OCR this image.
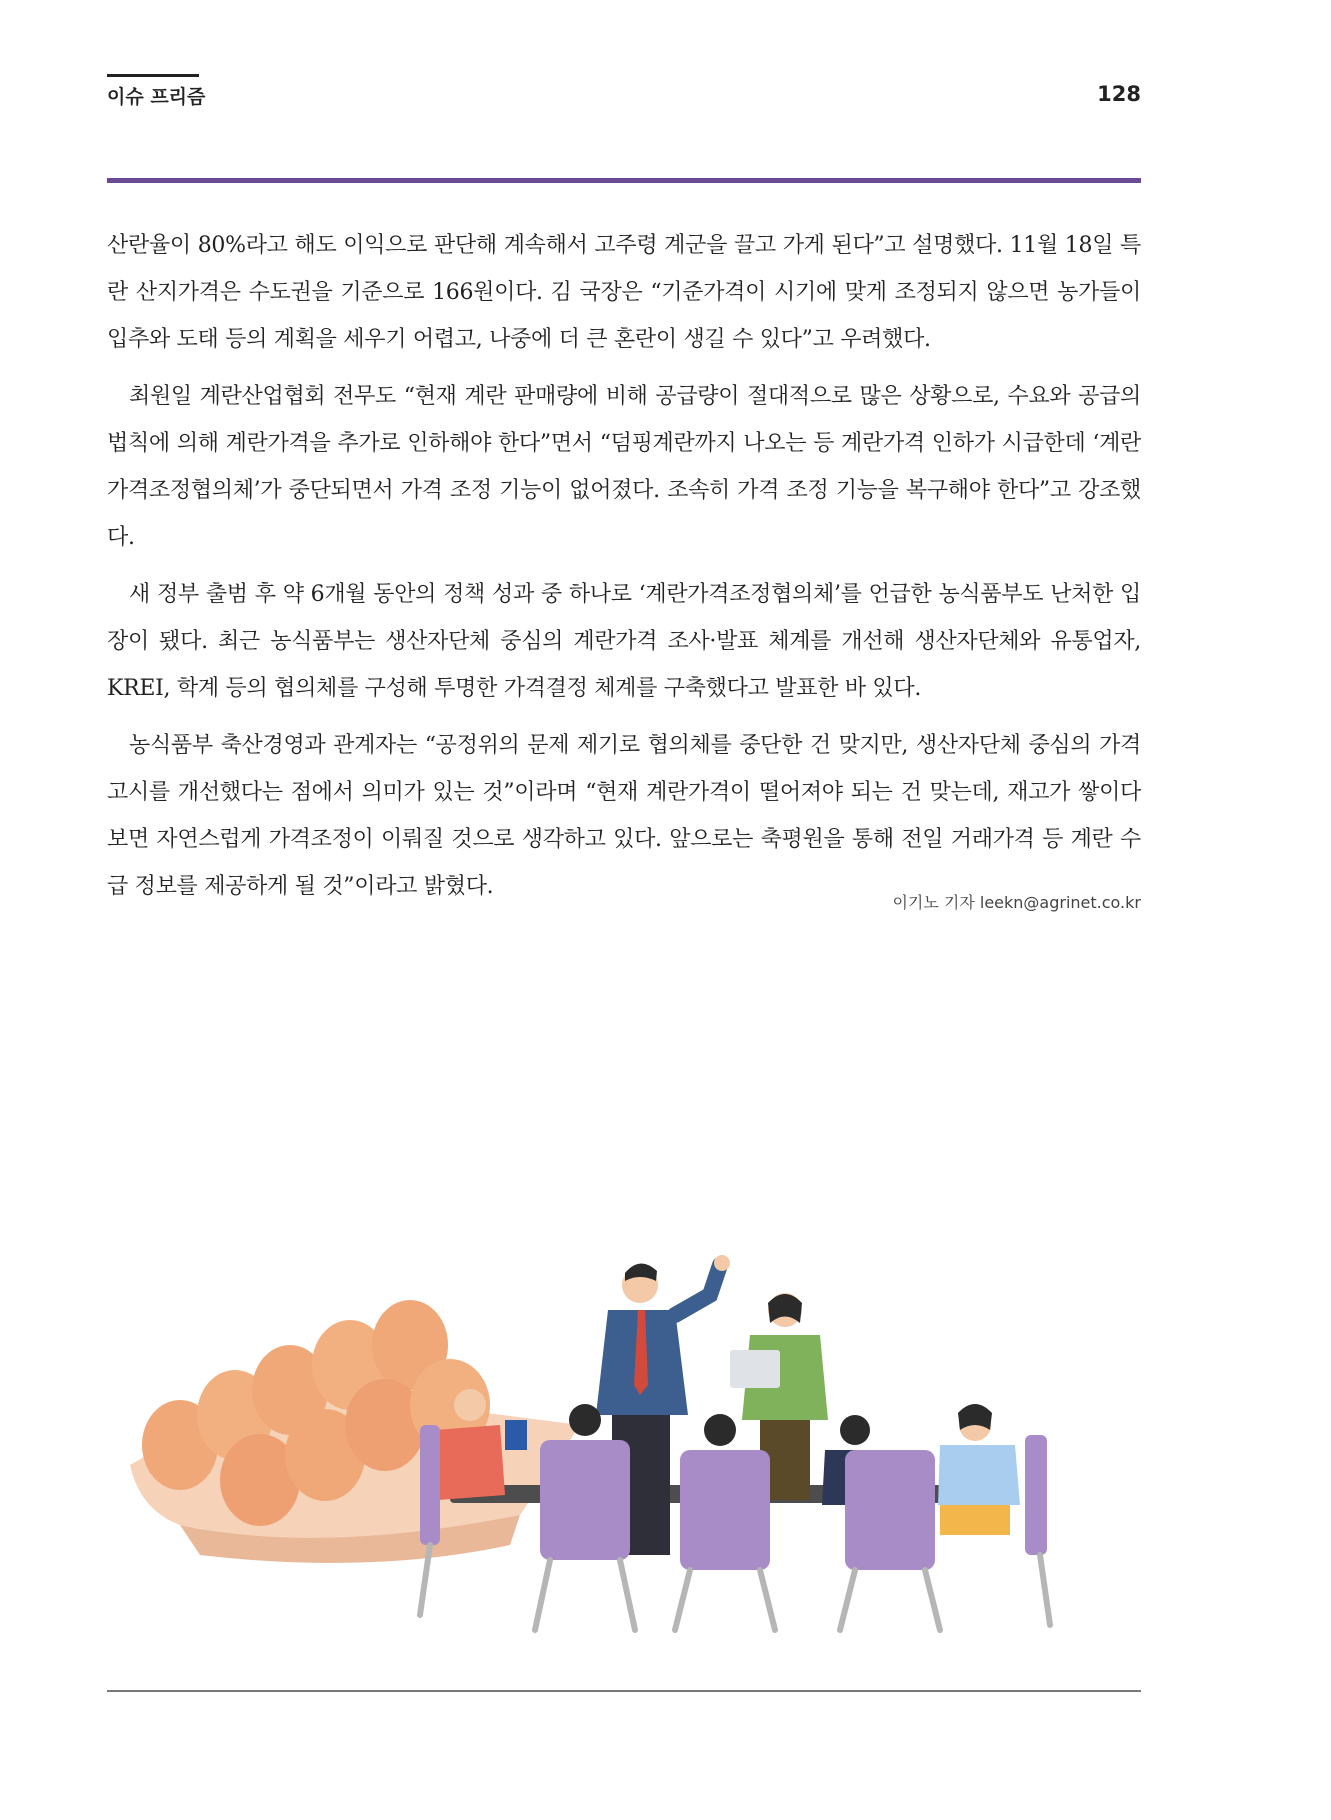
이슈 프리즘	128

산란율이 80%라고 해도 이익으로 판단해 계속해서 고주령 계군을 끌고 가게 된다”고 설명했다. 11월 18일 특란 산지가격은 수도권을 기준으로 166원이다. 김 국장은 “기준가격이 시기에 맞게 조정되지 않으면 농가들이 입추와 도태 등의 계획을 세우기 어렵고, 나중에 더 큰 혼란이 생길 수 있다”고 우려했다.

최원일 계란산업협회 전무도 “현재 계란 판매량에 비해 공급량이 절대적으로 많은 상황으로, 수요와 공급의 법칙에 의해 계란가격을 추가로 인하해야 한다”면서 “덤핑계란까지 나오는 등 계란가격 인하가 시급한데 ‘계란가격조정협의체’가 중단되면서 가격 조정 기능이 없어졌다. 조속히 가격 조정 기능을 복구해야 한다”고 강조했다.

새 정부 출범 후 약 6개월 동안의 정책 성과 중 하나로 ‘계란가격조정협의체’를 언급한 농식품부도 난처한 입장이 됐다. 최근 농식품부는 생산자단체 중심의 계란가격 조사·발표 체계를 개선해 생산자단체와 유통업자, KREI, 학계 등의 협의체를 구성해 투명한 가격결정 체계를 구축했다고 발표한 바 있다.

농식품부 축산경영과 관계자는 “공정위의 문제 제기로 협의체를 중단한 건 맞지만, 생산자단체 중심의 가격 고시를 개선했다는 점에서 의미가 있는 것”이라며 “현재 계란가격이 떨어져야 되는 건 맞는데, 재고가 쌓이다보면 자연스럽게 가격조정이 이뤄질 것으로 생각하고 있다. 앞으로는 축평원을 통해 전일 거래가격 등 계란 수급 정보를 제공하게 될 것”이라고 밝혔다.

이기노 기자 leekn@agrinet.co.kr
